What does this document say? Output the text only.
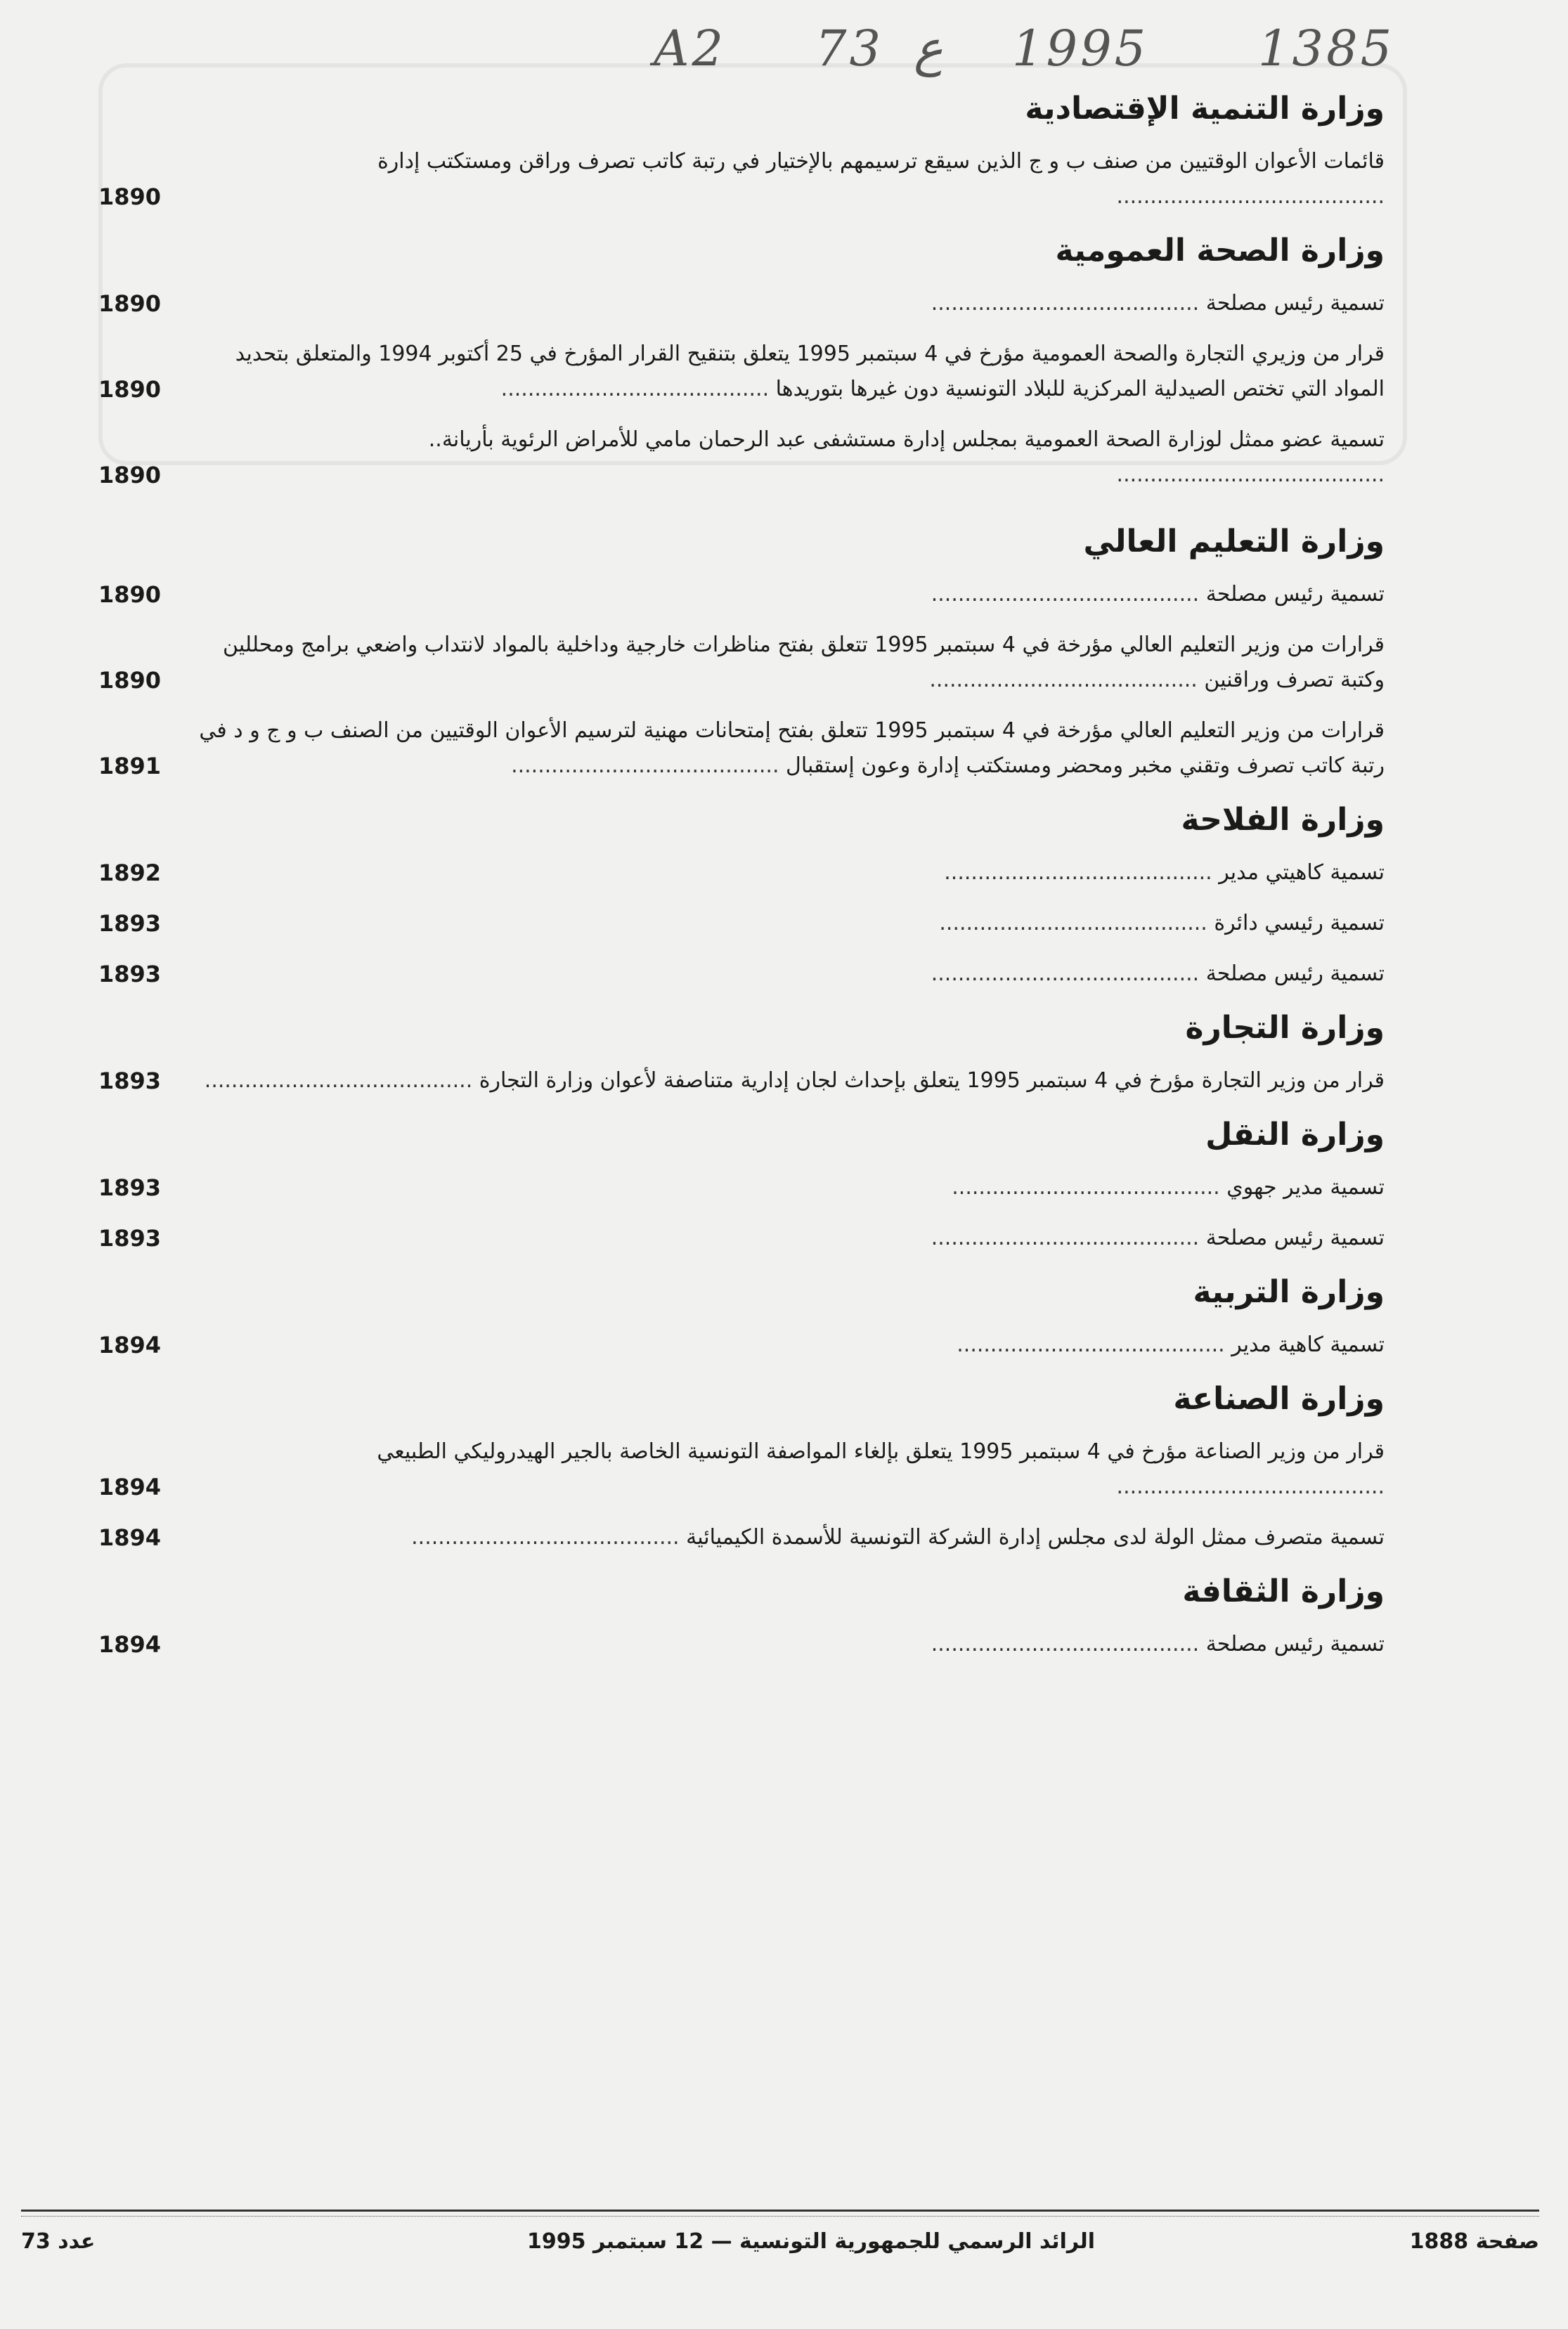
A2 73 ع 1995 1385
وزارة التنمية الإقتصادية
قائمات الأعوان الوقتيين من صنف ب و ج الذين سيقع ترسيمهم بالإختيار في رتبة كاتب تصرف وراقن ومستكتب إدارة ........................................
1890
وزارة الصحة العمومية
تسمية رئيس مصلحة ........................................
1890
قرار من وزيري التجارة والصحة العمومية مؤرخ في 4 سبتمبر 1995 يتعلق بتنقيح القرار المؤرخ في 25 أكتوبر 1994 والمتعلق بتحديد المواد التي تختص الصيدلية المركزية للبلاد التونسية دون غيرها بتوريدها ........................................
1890
تسمية عضو ممثل لوزارة الصحة العمومية بمجلس إدارة مستشفى عبد الرحمان مامي للأمراض الرئوية بأريانة.. ........................................
1890
وزارة التعليم العالي
تسمية رئيس مصلحة ........................................
1890
قرارات من وزير التعليم العالي مؤرخة في 4 سبتمبر 1995 تتعلق بفتح مناظرات خارجية وداخلية بالمواد لانتداب واضعي برامج ومحللين وكتبة تصرف وراقنين ........................................
1890
قرارات من وزير التعليم العالي مؤرخة في 4 سبتمبر 1995 تتعلق بفتح إمتحانات مهنية لترسيم الأعوان الوقتيين من الصنف ب و ج و د في رتبة كاتب تصرف وتقني مخبر ومحضر ومستكتب إدارة وعون إستقبال ........................................
1891
وزارة الفلاحة
تسمية كاهيتي مدير ........................................
1892
تسمية رئيسي دائرة ........................................
1893
تسمية رئيس مصلحة ........................................
1893
وزارة التجارة
قرار من وزير التجارة مؤرخ في 4 سبتمبر 1995 يتعلق بإحداث لجان إدارية متناصفة لأعوان وزارة التجارة ........................................
1893
وزارة النقل
تسمية مدير جهوي ........................................
1893
تسمية رئيس مصلحة ........................................
1893
وزارة التربية
تسمية كاهية مدير ........................................
1894
وزارة الصناعة
قرار من وزير الصناعة مؤرخ في 4 سبتمبر 1995 يتعلق بإلغاء المواصفة التونسية الخاصة بالجير الهيدروليكي الطبيعي ........................................
1894
تسمية متصرف ممثل الولة لدى مجلس إدارة الشركة التونسية للأسمدة الكيميائية ........................................
1894
وزارة الثقافة
تسمية رئيس مصلحة ........................................
1894
صفحة 1888
الرائد الرسمي للجمهورية التونسية — 12 سبتمبر 1995
عدد 73
